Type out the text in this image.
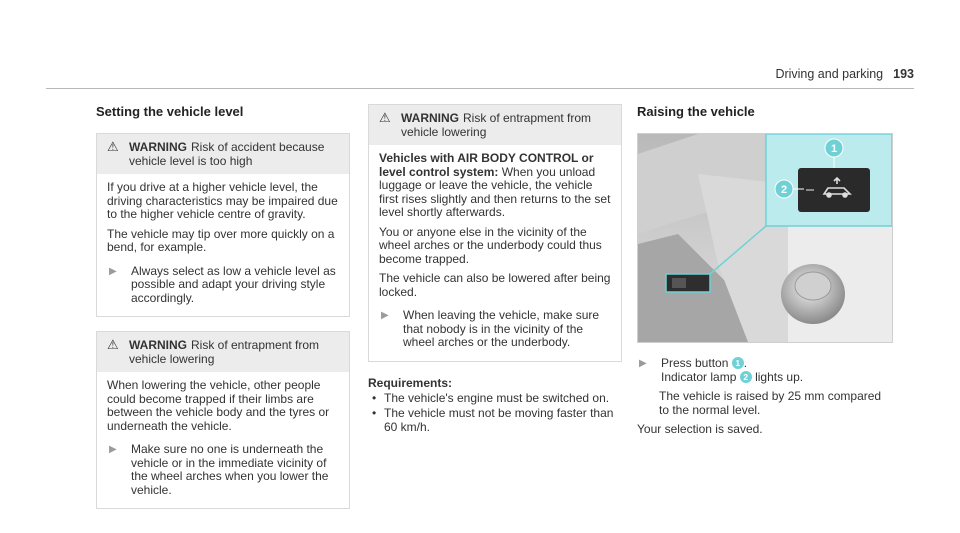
Driving and parking 193
Setting the vehicle level
⚠ WARNING Risk of accident because vehicle level is too high

If you drive at a higher vehicle level, the driving characteristics may be impaired due to the higher vehicle centre of gravity.

The vehicle may tip over more quickly on a bend, for example.

▶	Always select as low a vehicle level as possible and adapt your driving style accordingly.
⚠ WARNING Risk of entrapment from vehicle lowering

When lowering the vehicle, other people could become trapped if their limbs are between the vehicle body and the tyres or underneath the vehicle.

▶	Make sure no one is underneath the vehicle or in the immediate vicinity of the wheel arches when you lower the vehicle.
⚠ WARNING Risk of entrapment from vehicle lowering

Vehicles with AIR BODY CONTROL or level control system: When you unload luggage or leave the vehicle, the vehicle first rises slightly and then returns to the set level shortly afterwards.

You or anyone else in the vicinity of the wheel arches or the underbody could thus become trapped.

The vehicle can also be lowered after being locked.

▶	When leaving the vehicle, make sure that nobody is in the vicinity of the wheel arches or the underbody.
Requirements:
• The vehicle's engine must be switched on.
• The vehicle must not be moving faster than 60 km/h.
Raising the vehicle
1
2
▶	Press button 1 .
Indicator lamp 2 lights up.

The vehicle is raised by 25 mm compared to the normal level.

Your selection is saved.
